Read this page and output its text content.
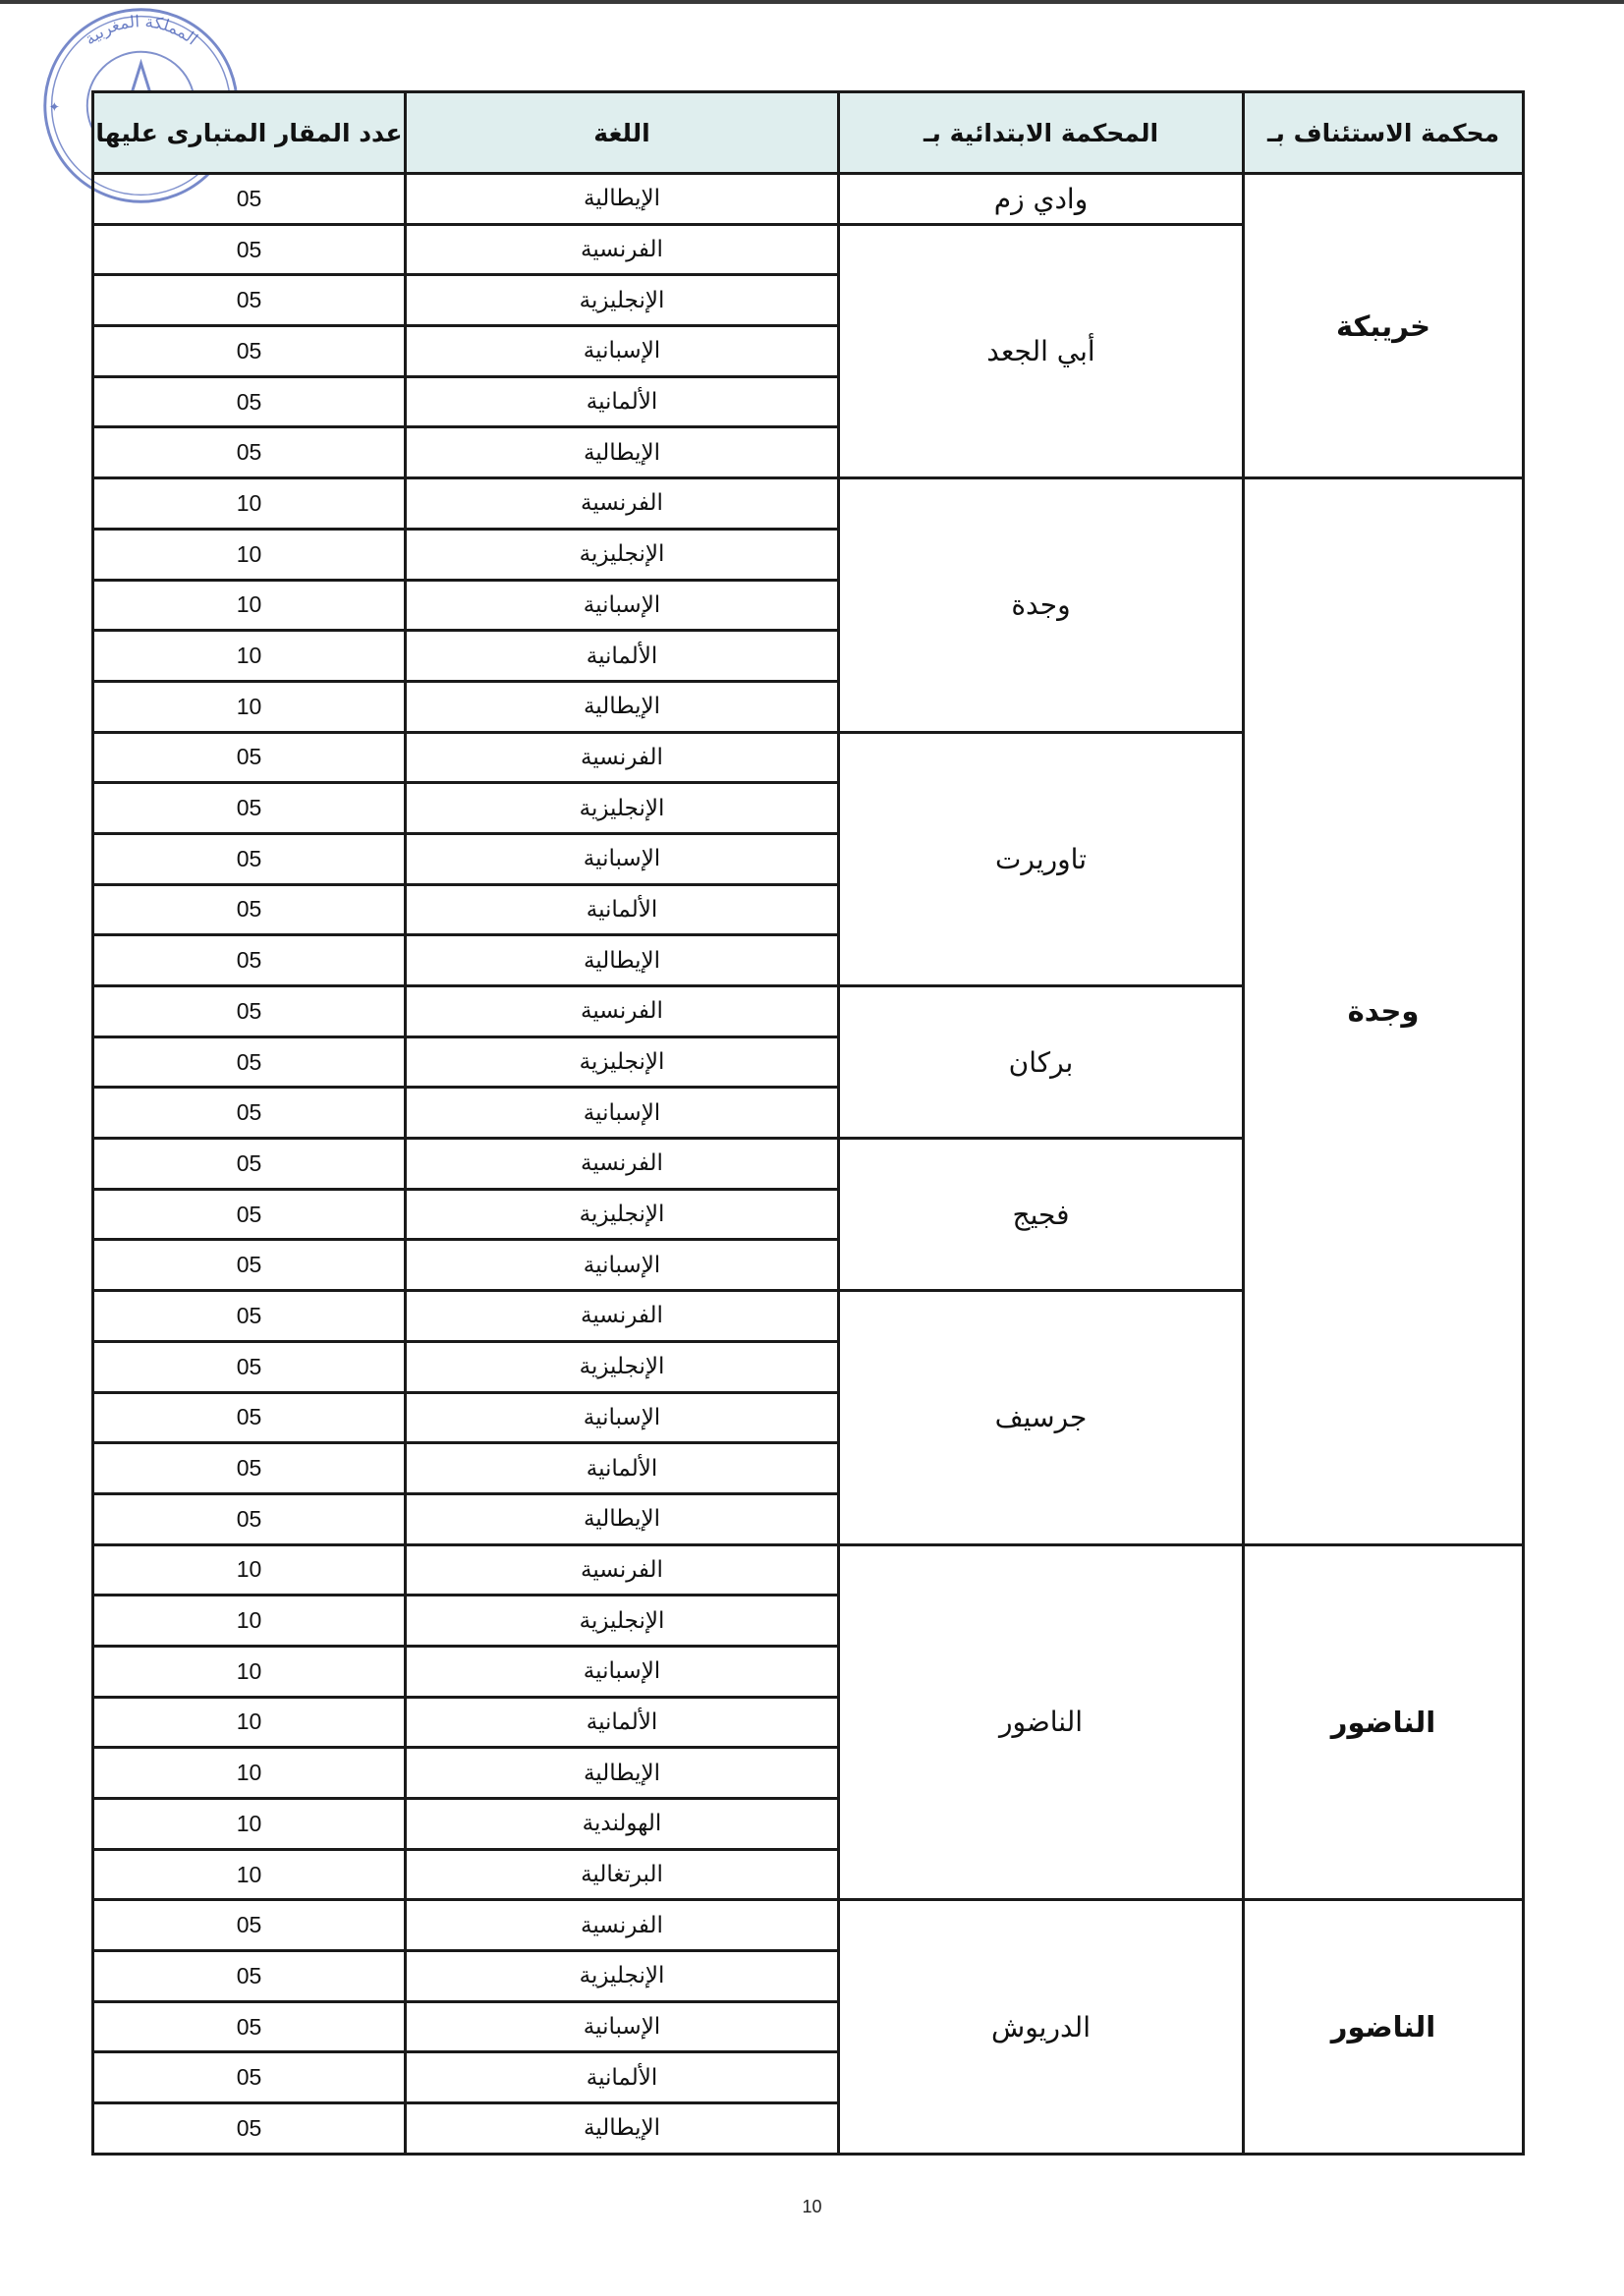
المملكة المغربية
✦
محكمة الاستئناف بـ	المحكمة الابتدائية بـ	اللغة	عدد المقار المتبارى عليها
خريبكة	وادي زم	الإيطالية	05
	أبي الجعد	الفرنسية	05
		الإنجليزية	05
		الإسبانية	05
		الألمانية	05
		الإيطالية	05
وجدة	وجدة	الفرنسية	10
		الإنجليزية	10
		الإسبانية	10
		الألمانية	10
		الإيطالية	10
	تاوريرت	الفرنسية	05
		الإنجليزية	05
		الإسبانية	05
		الألمانية	05
		الإيطالية	05
	بركان	الفرنسية	05
		الإنجليزية	05
		الإسبانية	05
	فجيج	الفرنسية	05
		الإنجليزية	05
		الإسبانية	05
	جرسيف	الفرنسية	05
		الإنجليزية	05
		الإسبانية	05
		الألمانية	05
		الإيطالية	05
الناضور	الناضور	الفرنسية	10
		الإنجليزية	10
		الإسبانية	10
		الألمانية	10
		الإيطالية	10
		الهولندية	10
		البرتغالية	10
الناضور	الدريوش	الفرنسية	05
		الإنجليزية	05
		الإسبانية	05
		الألمانية	05
		الإيطالية	05
10
